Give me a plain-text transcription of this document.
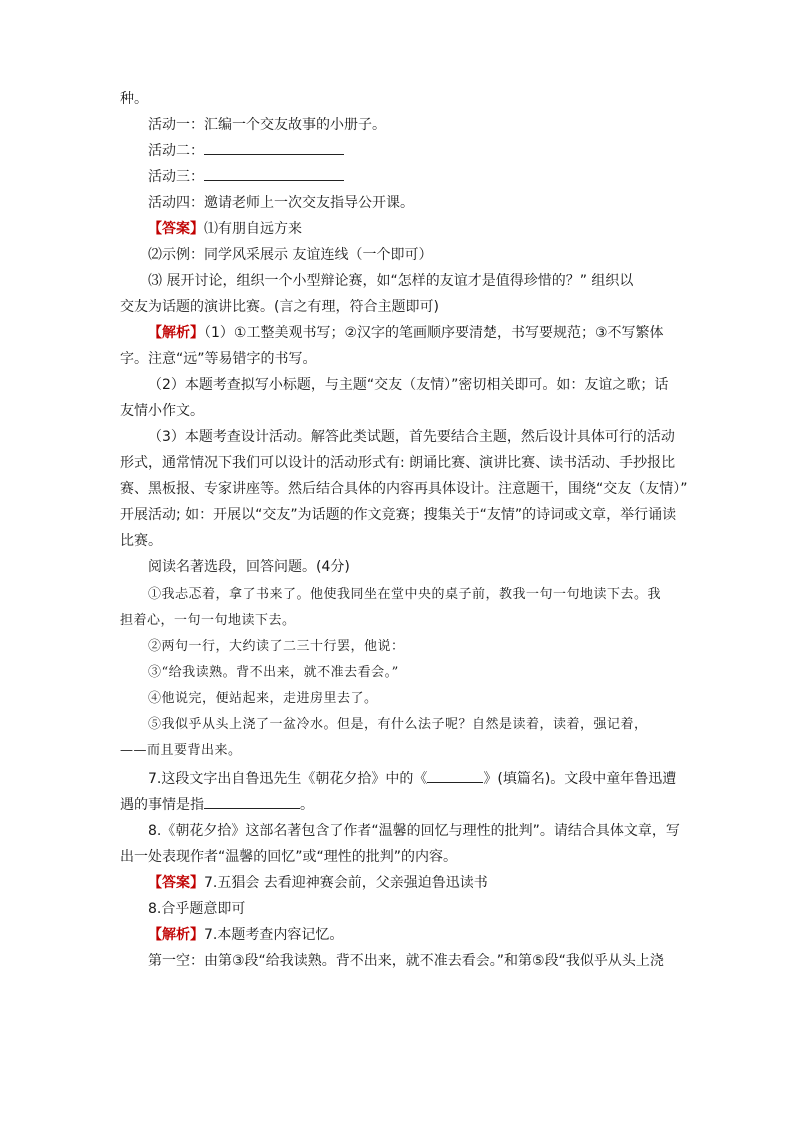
种。
活动一：汇编一个交友故事的小册子。
活动二：
活动三：
活动四：邀请老师上一次交友指导公开课。
【答案】⑴有朋自远方来
⑵示例：同学风采展示 友谊连线（一个即可）
⑶ 展开讨论，组织一个小型辩论赛，如“怎样的友谊才是值得珍惜的？” 组织以
交友为话题的演讲比赛。(言之有理，符合主题即可)
【解析】（1）①工整美观书写；②汉字的笔画顺序要清楚，书写要规范；③不写繁体
字。注意“远”等易错字的书写。
（2）本题考查拟写小标题，与主题“交友（友情）”密切相关即可。如：友谊之歌；话
友情小作文。
（3）本题考查设计活动。解答此类试题，首先要结合主题，然后设计具体可行的活动
形式，通常情况下我们可以设计的活动形式有: 朗诵比赛、演讲比赛、读书活动、手抄报比
赛、黑板报、专家讲座等。然后结合具体的内容再具体设计。注意题干，围绕“交友（友情）”
开展活动; 如：开展以“交友”为话题的作文竞赛；搜集关于“友情”的诗词或文章，举行诵读
比赛。
阅读名著选段，回答问题。(4分)
①我忐忑着，拿了书来了。他使我同坐在堂中央的桌子前，教我一句一句地读下去。我
担着心，一句一句地读下去。
②两句一行，大约读了二三十行罢，他说：
③“给我读熟。背不出来，就不准去看会。”
④他说完，便站起来，走进房里去了。
⑤我似乎从头上浇了一盆冷水。但是，有什么法子呢？自然是读着，读着，强记着，
——而且要背出来。
7.这段文字出自鲁迅先生《朝花夕拾》中的《	》(填篇名)。文段中童年鲁迅遭
遇的事情是指	。
8.《朝花夕拾》这部名著包含了作者“温馨的回忆与理性的批判”。请结合具体文章，写
出一处表现作者“温馨的回忆”或“理性的批判”的内容。
【答案】7.五猖会 去看迎神赛会前，父亲强迫鲁迅读书
8.合乎题意即可
【解析】7.本题考查内容记忆。
第一空：由第③段“给我读熟。背不出来，就不准去看会。”和第⑤段“我似乎从头上浇
